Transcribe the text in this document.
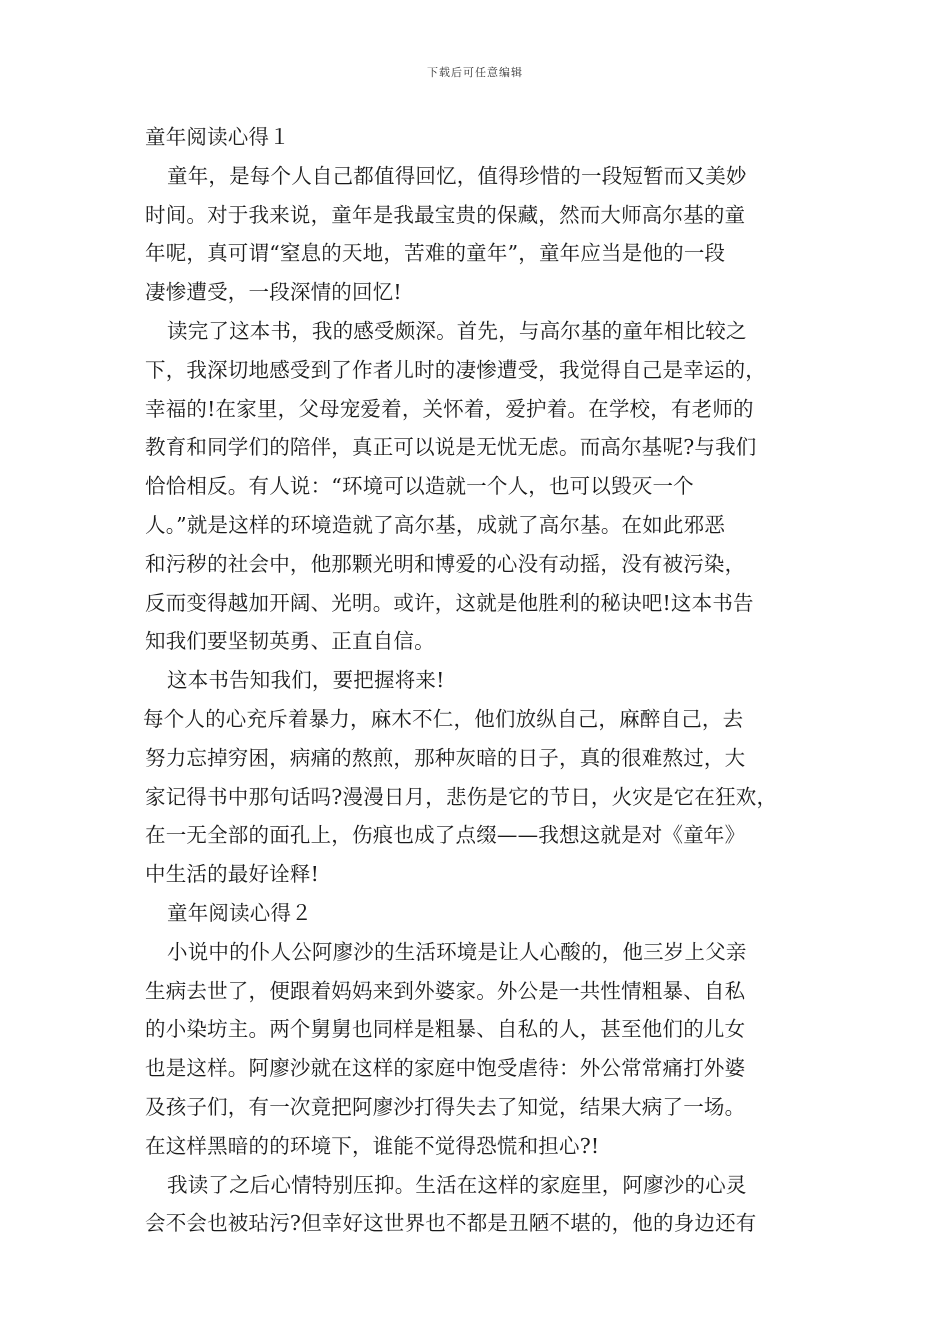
下载后可任意编辑
童年阅读心得１
童年，是每个人自己都值得回忆，值得珍惜的一段短暂而又美妙
时间。对于我来说，童年是我最宝贵的保藏，然而大师高尔基的童
年呢，真可谓“窒息的天地，苦难的童年”，童年应当是他的一段
凄惨遭受，一段深情的回忆!
读完了这本书，我的感受颇深。首先，与高尔基的童年相比较之
下，我深切地感受到了作者儿时的凄惨遭受，我觉得自己是幸运的，
幸福的!在家里，父母宠爱着，关怀着，爱护着。在学校，有老师的
教育和同学们的陪伴，真正可以说是无忧无虑。而高尔基呢?与我们
恰恰相反。有人说：“环境可以造就一个人，也可以毁灭一个
人。”就是这样的环境造就了高尔基，成就了高尔基。在如此邪恶
和污秽的社会中，他那颗光明和博爱的心没有动摇，没有被污染，
反而变得越加开阔、光明。或许，这就是他胜利的秘诀吧!这本书告
知我们要坚韧英勇、正直自信。
这本书告知我们，要把握将来!
每个人的心充斥着暴力，麻木不仁，他们放纵自己，麻醉自己，去
努力忘掉穷困，病痛的熬煎，那种灰暗的日子，真的很难熬过，大
家记得书中那句话吗?漫漫日月，悲伤是它的节日，火灾是它在狂欢，
在一无全部的面孔上，伤痕也成了点缀——我想这就是对《童年》
中生活的最好诠释!
童年阅读心得２
小说中的仆人公阿廖沙的生活环境是让人心酸的，他三岁上父亲
生病去世了，便跟着妈妈来到外婆家。外公是一共性情粗暴、自私
的小染坊主。两个舅舅也同样是粗暴、自私的人，甚至他们的儿女
也是这样。阿廖沙就在这样的家庭中饱受虐待：外公常常痛打外婆
及孩子们，有一次竟把阿廖沙打得失去了知觉，结果大病了一场。
在这样黑暗的的环境下，谁能不觉得恐慌和担心?!
我读了之后心情特别压抑。生活在这样的家庭里，阿廖沙的心灵
会不会也被玷污?但幸好这世界也不都是丑陋不堪的，他的身边还有
